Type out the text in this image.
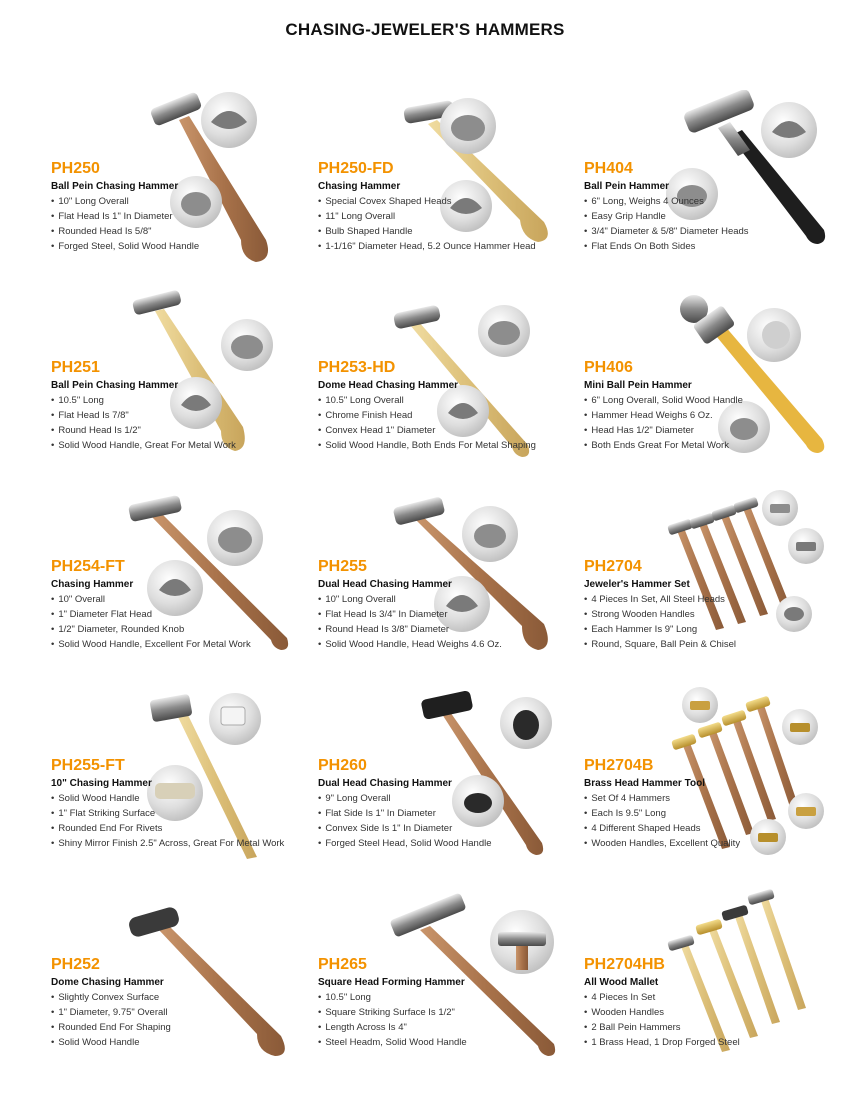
CHASING-JEWELER'S HAMMERS
PH250
Ball Pein Chasing Hammer
• 10" Long Overall
• Flat Head Is 1" In Diameter
• Rounded Head Is 5/8"
• Forged Steel, Solid Wood Handle
PH250-FD
Chasing Hammer
• Special Covex Shaped Heads
• 11" Long Overall
• Bulb Shaped Handle
• 1-1/16" Diameter Head, 5.2 Ounce Hammer Head
PH404
Ball Pein Hammer
• 6" Long, Weighs 4 Ounces
• Easy Grip Handle
• 3/4" Diameter & 5/8" Diameter Heads
• Flat Ends On Both Sides
PH251
Ball Pein Chasing Hammer
• 10.5" Long
• Flat Head Is 7/8"
• Round Head Is 1/2"
• Solid Wood Handle, Great For Metal Work
PH253-HD
Dome Head Chasing Hammer
• 10.5" Long Overall
• Chrome Finish Head
• Convex Head 1" Diameter
• Solid Wood Handle, Both Ends For Metal Shaping
PH406
Mini Ball Pein Hammer
• 6" Long Overall, Solid Wood Handle
• Hammer Head Weighs 6 Oz.
• Head Has 1/2" Diameter
• Both Ends Great For Metal Work
PH254-FT
Chasing Hammer
• 10" Overall
• 1" Diameter Flat Head
• 1/2" Diameter, Rounded Knob
• Solid Wood Handle, Excellent For Metal Work
PH255
Dual Head Chasing Hammer
• 10" Long Overall
• Flat Head Is 3/4" In Diameter
• Round Head Is 3/8" Diameter
• Solid Wood Handle, Head Weighs 4.6 Oz.
PH2704
Jeweler's Hammer Set
• 4 Pieces In Set, All Steel Heads
• Strong Wooden Handles
• Each Hammer Is 9" Long
• Round, Square, Ball Pein & Chisel
PH255-FT
10" Chasing Hammer
• Solid Wood Handle
• 1" Flat Striking Surface
• Rounded End For Rivets
• Shiny Mirror Finish 2.5" Across, Great For Metal Work
PH260
Dual Head Chasing Hammer
• 9" Long Overall
• Flat Side Is 1" In Diameter
• Convex Side Is 1" In Diameter
• Forged Steel Head, Solid Wood Handle
PH2704B
Brass Head Hammer Tool
• Set Of 4 Hammers
• Each Is 9.5" Long
• 4 Different Shaped Heads
• Wooden Handles, Excellent Quality
PH252
Dome Chasing Hammer
• Slightly Convex Surface
• 1" Diameter, 9.75" Overall
• Rounded End For Shaping
• Solid Wood Handle
PH265
Square Head Forming Hammer
• 10.5" Long
• Square Striking Surface Is 1/2"
• Length Across Is 4"
• Steel Headm, Solid Wood Handle
PH2704HB
All Wood Mallet
• 4 Pieces In Set
• Wooden Handles
• 2 Ball Pein Hammers
• 1 Brass Head, 1 Drop Forged Steel
